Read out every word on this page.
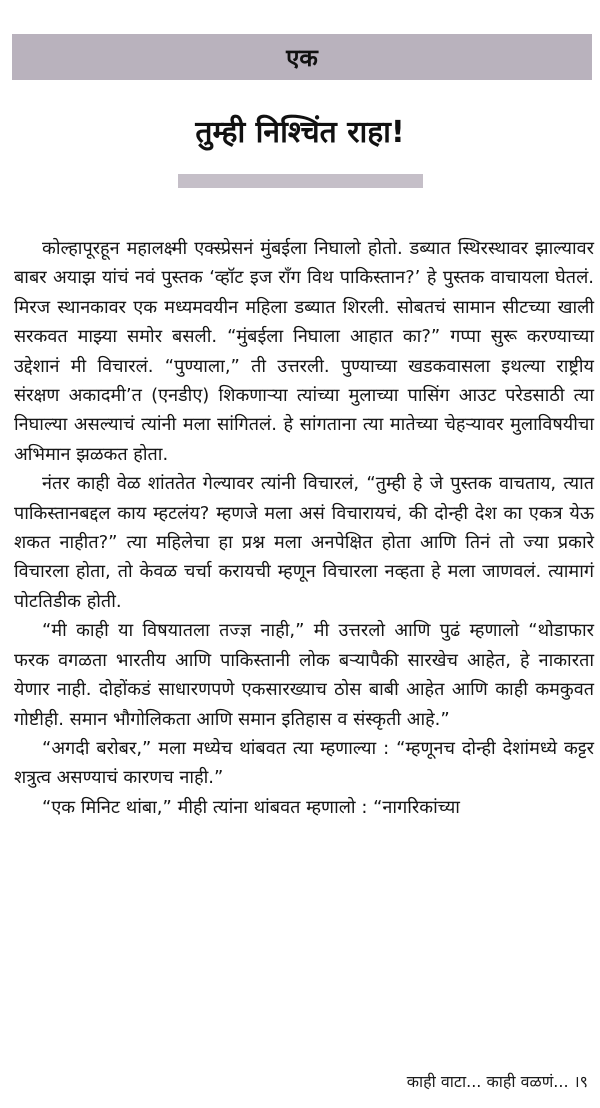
एक
तुम्ही निश्चिंत राहा!

कोल्हापूरहून महालक्ष्मी एक्स्प्रेसनं मुंबईला निघालो होतो. डब्यात स्थिरस्थावर झाल्यावर बाबर अयाझ यांचं नवं पुस्तक ‘व्हॉट इज राँग विथ पाकिस्तान?’ हे पुस्तक वाचायला घेतलं. मिरज स्थानकावर एक मध्यमवयीन महिला डब्यात शिरली. सोबतचं सामान सीटच्या खाली सरकवत माझ्या समोर बसली. “मुंबईला निघाला आहात का?” गप्पा सुरू करण्याच्या उद्देशानं मी विचारलं. “पुण्याला,” ती उत्तरली. पुण्याच्या खडकवासला इथल्या राष्ट्रीय संरक्षण अकादमी’त (एनडीए) शिकणाऱ्या त्यांच्या मुलाच्या पासिंग आउट परेडसाठी त्या निघाल्या असल्याचं त्यांनी मला सांगितलं. हे सांगताना त्या मातेच्या चेहऱ्यावर मुलाविषयीचा अभिमान झळकत होता.

नंतर काही वेळ शांततेत गेल्यावर त्यांनी विचारलं, “तुम्ही हे जे पुस्तक वाचताय, त्यात पाकिस्तानबद्दल काय म्हटलंय? म्हणजे मला असं विचारायचं, की दोन्ही देश का एकत्र येऊ शकत नाहीत?” त्या महिलेचा हा प्रश्न मला अनपेक्षित होता आणि तिनं तो ज्या प्रकारे विचारला होता, तो केवळ चर्चा करायची म्हणून विचारला नव्हता हे मला जाणवलं. त्यामागं पोटतिडीक होती.

“मी काही या विषयातला तज्ज्ञ नाही,” मी उत्तरलो आणि पुढं म्हणालो “थोडाफार फरक वगळता भारतीय आणि पाकिस्तानी लोक बऱ्यापैकी सारखेच आहेत, हे नाकारता येणार नाही. दोहोंकडं साधारणपणे एकसारख्याच ठोस बाबी आहेत आणि काही कमकुवत गोष्टीही. समान भौगोलिकता आणि समान इतिहास व संस्कृती आहे.”

“अगदी बरोबर,” मला मध्येच थांबवत त्या म्हणाल्या : “म्हणूनच दोन्ही देशांमध्ये कट्टर शत्रुत्व असण्याचं कारणच नाही.”

“एक मिनिट थांबा,” मीही त्यांना थांबवत म्हणालो : “नागरिकांच्या

काही वाटा... काही वळणं... ।९
